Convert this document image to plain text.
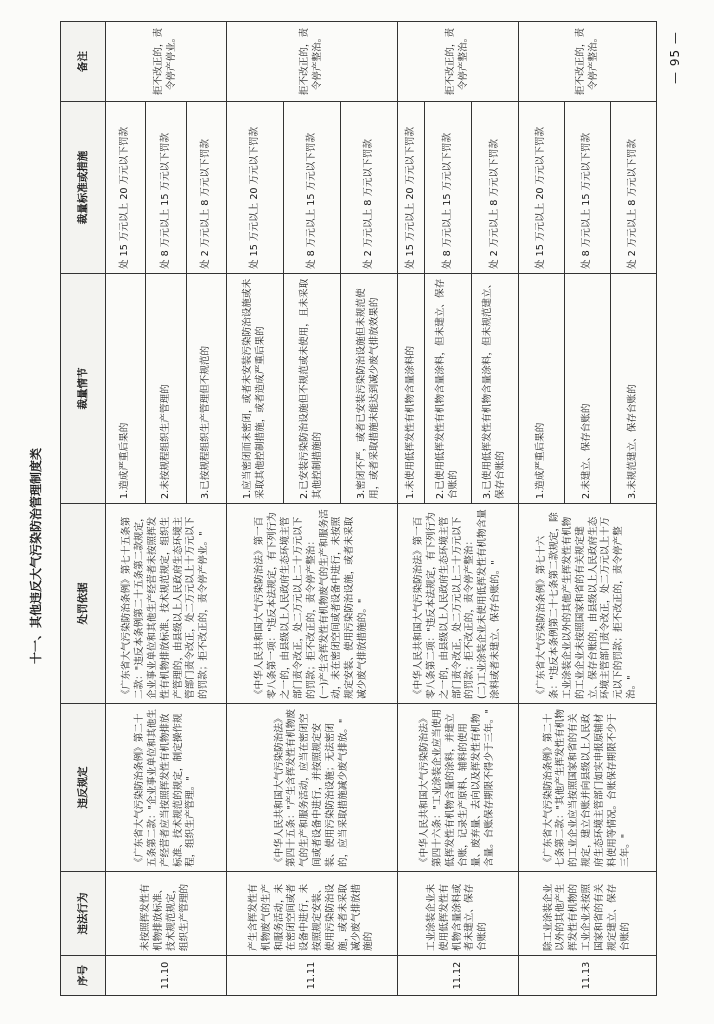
十一、其他违反大气污染防治管理制度类
— 95 —
序号	违法行为	违反规定	处罚依据	裁量情节	裁量标准或措施	备注
11.10	未按照挥发性有机物排放标准、技术规范规定，组织生产管理的	《广东省大气污染防治条例》第二十五条第二款："企业事业单位和其他生产经营者应当按照挥发性有机物排放标准、技术规范的规定，制定操作规程，组织生产管理。"	《广东省大气污染防治条例》第七十五条第二款："违反本条例第二十五条第二款规定，企业事业单位和其他生产经营者未按照挥发性有机物排放标准、技术规范规定，组织生产管理的，由县级以上人民政府生态环境主管部门责令改正，处二万元以上十万元以下的罚款；拒不改正的，责令停产停业。"	1.造成严重后果的	处 15 万元以上 20 万元以下罚款	拒不改正的，责令停产停业。
				2.未按规程组织生产管理的	处 8 万元以上 15 万元以下罚款	
				3.已按规程组织生产管理但不规范的	处 2 万元以上 8 万元以下罚款	
11.11	产生含挥发性有机物废气的生产和服务活动，未在密闭空间或者设备中进行，未按照规定安装、使用污染防治设施，或者未采取减少废气排放措施的	《中华人民共和国大气污染防治法》第四十五条："产生含挥发性有机物废气的生产和服务活动，应当在密闭空间或者设备中进行，并按照规定安装、使用污染防治设施；无法密闭的，应当采取措施减少废气排放。"	《中华人民共和国大气污染防治法》第一百零八条第一项："违反本法规定，有下列行为之一的，由县级以上人民政府生态环境主管部门责令改正，处二万元以上二十万元以下的罚款；拒不改正的，责令停产整治：
(一)产生含挥发性有机物废气的生产和服务活动，未在密闭空间或者设备中进行，未按照规定安装、使用污染防治设施，或者未采取减少废气排放措施的。"	1.应当密闭而未密闭，或者未安装污染防治设施或未采取其他控制措施，或者造成严重后果的	处 15 万元以上 20 万元以下罚款	拒不改正的，责令停产整治。
				2.已安装污染防治设施但不规范或未使用，且未采取其他控制措施的	处 8 万元以上 15 万元以下罚款	
				3.密闭不严，或者已安装污染防治设施但未规范使用，或者采取措施未能达到减少废气排放效果的	处 2 万元以上 8 万元以下罚款	
11.12	工业涂装企业未使用低挥发性有机物含量涂料或者未建立、保存台账的	《中华人民共和国大气污染防治法》第四十六条："工业涂装企业应当使用低挥发性有机物含量的涂料，并建立台账，记录生产原料、辅料的使用量、废弃量、去向以及挥发性有机物含量。台账保存期限不得少于三年。"	《中华人民共和国大气污染防治法》第一百零八条第二项："违反本法规定，有下列行为之一的，由县级以上人民政府生态环境主管部门责令改正，处二万元以上二十万元以下的罚款；拒不改正的，责令停产整治：
(二)工业涂装企业未使用低挥发性有机物含量涂料或者未建立、保存台账的。"	1.未使用低挥发性有机物含量涂料的	处 15 万元以上 20 万元以下罚款	拒不改正的，责令停产整治。
				2.已使用低挥发性有机物含量涂料，但未建立、保存台账的	处 8 万元以上 15 万元以下罚款	
				3.已使用低挥发性有机物含量涂料，但未规范建立、保存台账的	处 2 万元以上 8 万元以下罚款	
11.13	除工业涂装企业以外的其他产生挥发性有机物的工业企业未按照国家和省的有关规定建立、保存台账的	《广东省大气污染防治条例》第二十七条第二款："其他产生挥发性有机物的工业企业应当按照国家和省的有关规定，建立台账并向县级以上人民政府生态环境主管部门如实申报原辅材料使用等情况。台账保存期限不少于三年。"	《广东省大气污染防治条例》第七十六条："违反本条例第二十七条第二款规定，除工业涂装企业以外的其他产生挥发性有机物的工业企业未按照国家和省的有关规定建立、保存台账的，由县级以上人民政府生态环境主管部门责令改正，处二万元以上十万元以下的罚款；拒不改正的，责令停产整治。"	1.造成严重后果的	处 15 万元以上 20 万元以下罚款	拒不改正的，责令停产整治。
				2.未建立、保存台账的	处 8 万元以上 15 万元以下罚款	
				3.未规范建立、保存台账的	处 2 万元以上 8 万元以下罚款	
